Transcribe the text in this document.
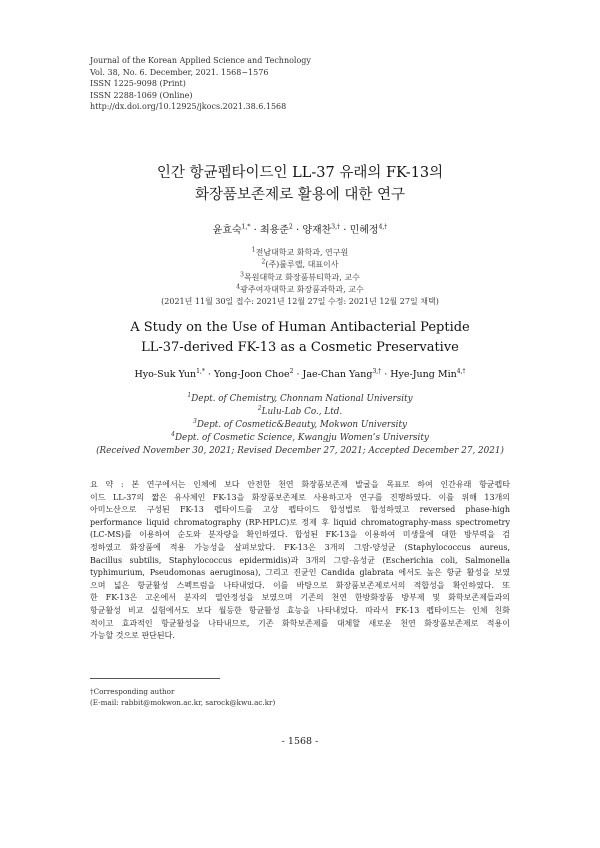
Journal of the Korean Applied Science and Technology
Vol. 38, No. 6. December, 2021. 1568~1576
ISSN 1225-9098 (Print)
ISSN 2288-1069 (Online)
http://dx.doi.org/10.12925/jkocs.2021.38.6.1568
인간 항균펩타이드인 LL-37 유래의 FK-13의
화장품보존제로 활용에 대한 연구
윤효숙$^{1,*}$ · 최용준$^2$ · 양재찬$^{3,\dagger}$ · 민혜정$^{4,\dagger}$
$^1$전남대학교 화학과, 연구원
$^2$(주)룰루랩, 대표이사
$^3$목원대학교 화장품뷰티학과, 교수
$^4$광주여자대학교 화장품과학과, 교수
(2021년 11월 30일 접수: 2021년 12월 27일 수정: 2021년 12월 27일 채택)
A Study on the Use of Human Antibacterial Peptide
LL-37-derived FK-13 as a Cosmetic Preservative
Hyo-Suk Yun$^{1,*}$ · Yong-Joon Choe$^2$ · Jae-Chan Yang$^{3,\dagger}$ · Hye-Jung Min$^{4,\dagger}$
$^1$Dept. of Chemistry, Chonnam National University
$^2$Lulu-Lab Co., Ltd.
$^3$Dept. of Cosmetic&Beauty, Mokwon University
$^4$Dept. of Cosmetic Science, Kwangju Women’s University
(Received November 30, 2021; Revised December 27, 2021; Accepted December 27, 2021)
요 약 : 본 연구에서는 인체에 보다 안전한 천연 화장품보존제 발굴을 목표로 하여 인간유래 항균펩타
이드 LL-37의 짧은 유사체인 FK-13을 화장품보존제로 사용하고자 연구를 진행하였다. 이를 위해 13개의
아미노산으로 구성된 FK-13 펩타이드를 고상 펩타이드 합성법로 합성하였고 reversed phase-high
performance liquid chromatography (RP-HPLC)로 정제 후 liquid chromatography-mass spectrometry
(LC-MS)를 이용하여 순도와 분자량을 확인하였다. 합성된 FK-13을 이용하여 미생물에 대한 방부력을 검
정하였고 화장품에 적용 가능성을 살펴보았다. FK-13은 3개의 그람-양성균 (Staphylococcus aureus,
Bacillus subtilis, Staphylococcus epidermidis)과 3개의 그람-음성균 (Escherichia coli, Salmonella
typhimurium, Pseudomonas aeruginosa), 그리고 진균인 Candida glabrata 에서도 높은 항균 활성을 보였
으며 넓은 항균활성 스펙트럼을 나타내었다. 이를 바탕으로 화장품보존제로서의 적합성을 확인하였다. 또
한 FK-13은 고온에서 분자의 열안정성을 보였으며 기존의 천연 한방화장품 방부제 및 화학보존제들과의
항균활성 비교 실험에서도 보다 월등한 항균활성 효능을 나타내었다. 따라서 FK-13 펩타이드는 인체 친화
적이고 효과적인 항균활성을 나타내므로, 기존 화학보존제를 대체할 새로운 천연 화장품보존제로 적용이
가능할 것으로 판단된다.
†Corresponding author
(E-mail: rabbit@mokwon.ac.kr, sarock@kwu.ac.kr)
- 1568 -
